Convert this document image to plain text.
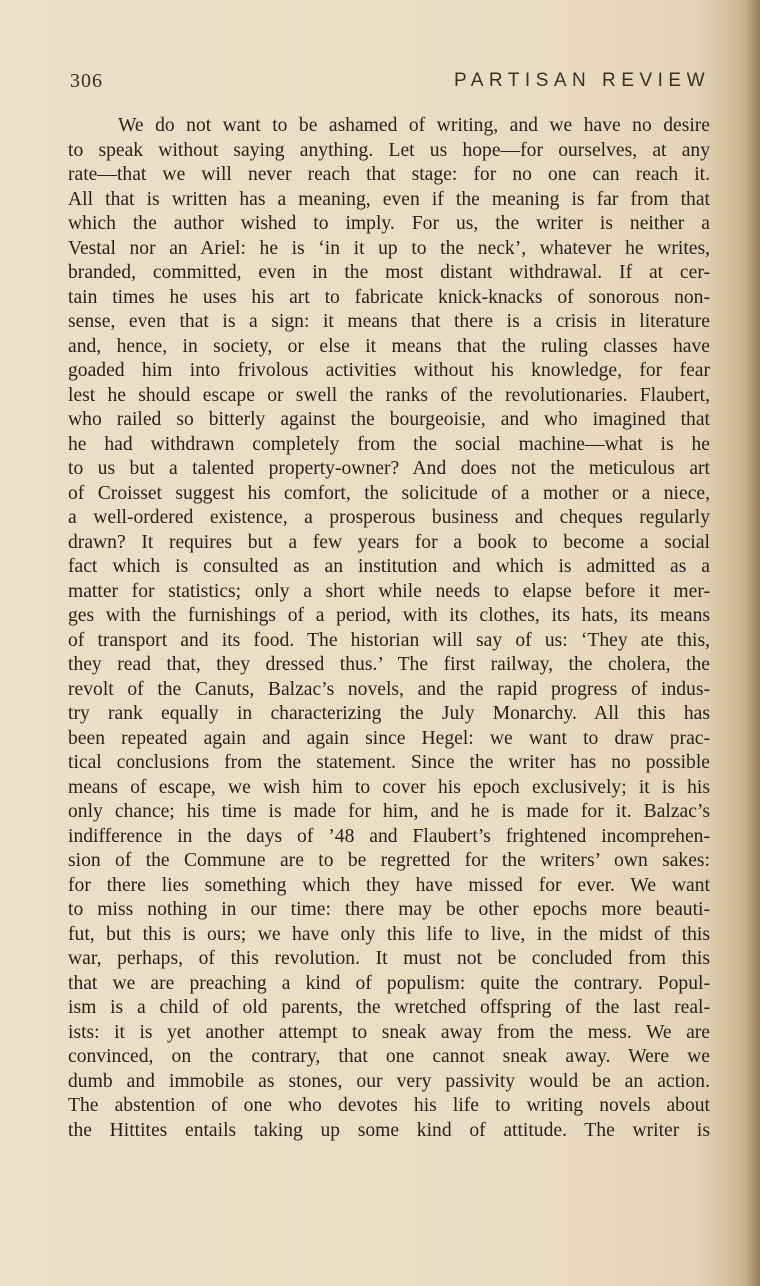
306	PARTISAN REVIEW
We do not want to be ashamed of writing, and we have no desire
to speak without saying anything. Let us hope—for ourselves, at any
rate—that we will never reach that stage: for no one can reach it.
All that is written has a meaning, even if the meaning is far from that
which the author wished to imply. For us, the writer is neither a
Vestal nor an Ariel: he is ‘in it up to the neck’, whatever he writes,
branded, committed, even in the most distant withdrawal. If at cer-
tain times he uses his art to fabricate knick-knacks of sonorous non-
sense, even that is a sign: it means that there is a crisis in literature
and, hence, in society, or else it means that the ruling classes have
goaded him into frivolous activities without his knowledge, for fear
lest he should escape or swell the ranks of the revolutionaries. Flaubert,
who railed so bitterly against the bourgeoisie, and who imagined that
he had withdrawn completely from the social machine—what is he
to us but a talented property-owner? And does not the meticulous art
of Croisset suggest his comfort, the solicitude of a mother or a niece,
a well-ordered existence, a prosperous business and cheques regularly
drawn? It requires but a few years for a book to become a social
fact which is consulted as an institution and which is admitted as a
matter for statistics; only a short while needs to elapse before it mer-
ges with the furnishings of a period, with its clothes, its hats, its means
of transport and its food. The historian will say of us: ‘They ate this,
they read that, they dressed thus.’ The first railway, the cholera, the
revolt of the Canuts, Balzac’s novels, and the rapid progress of indus-
try rank equally in characterizing the July Monarchy. All this has
been repeated again and again since Hegel: we want to draw prac-
tical conclusions from the statement. Since the writer has no possible
means of escape, we wish him to cover his epoch exclusively; it is his
only chance; his time is made for him, and he is made for it. Balzac’s
indifference in the days of ’48 and Flaubert’s frightened incomprehen-
sion of the Commune are to be regretted for the writers’ own sakes:
for there lies something which they have missed for ever. We want
to miss nothing in our time: there may be other epochs more beauti-
fut, but this is ours; we have only this life to live, in the midst of this
war, perhaps, of this revolution. It must not be concluded from this
that we are preaching a kind of populism: quite the contrary. Popul-
ism is a child of old parents, the wretched offspring of the last real-
ists: it is yet another attempt to sneak away from the mess. We are
convinced, on the contrary, that one cannot sneak away. Were we
dumb and immobile as stones, our very passivity would be an action.
The abstention of one who devotes his life to writing novels about
the Hittites entails taking up some kind of attitude. The writer is
